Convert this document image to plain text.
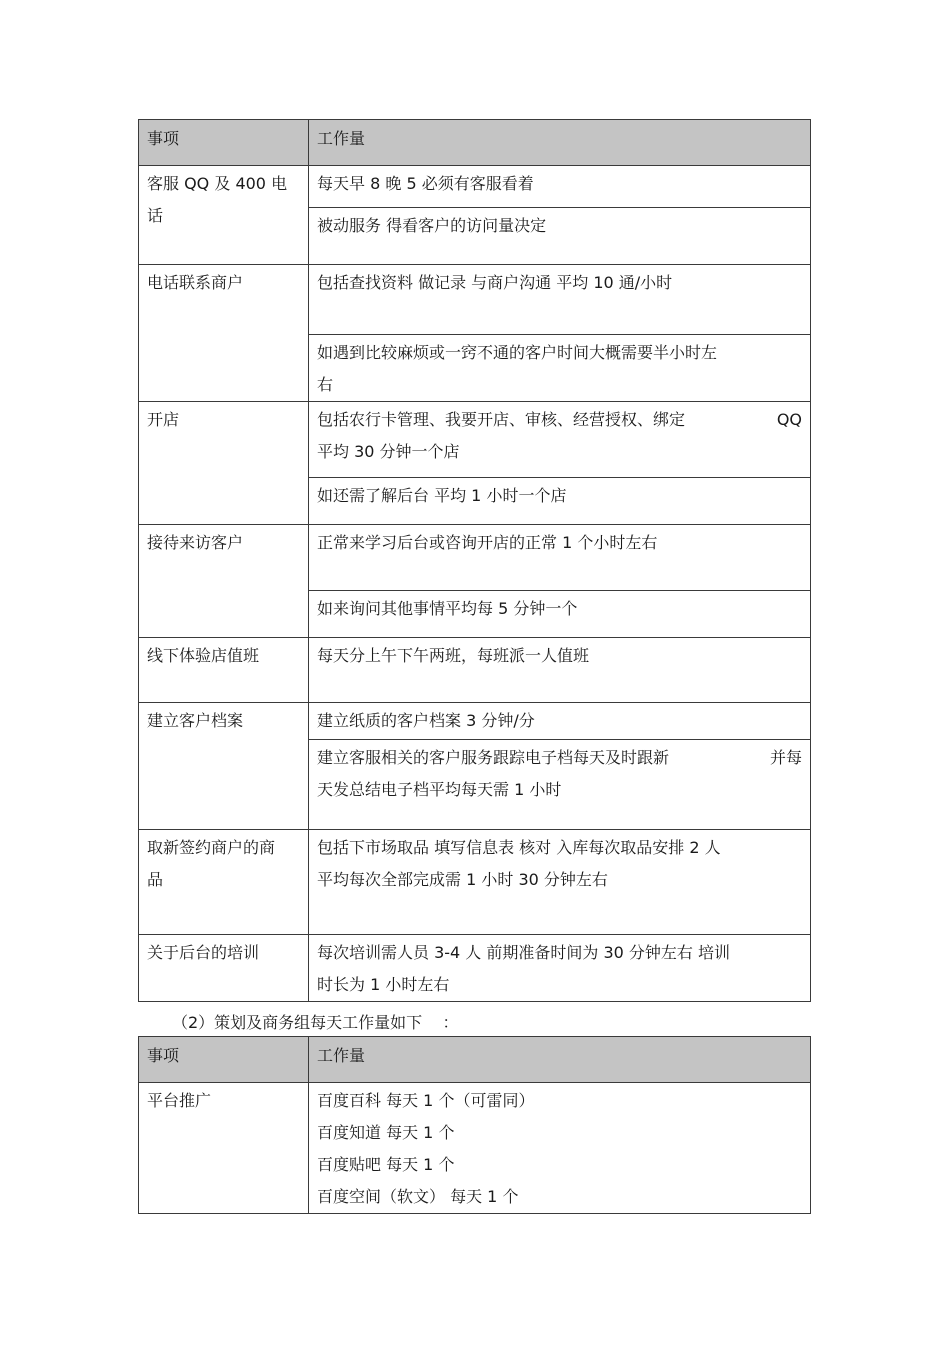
事项	工作量

客服 QQ 及 400 电
话	每天早 8 晚 5 必须有客服看着

	被动服务 得看客户的访问量决定

电话联系商户	包括查找资料 做记录 与商户沟通 平均 10 通/小时

	如遇到比较麻烦或一窍不通的客户时间大概需要半小时左
右

开店	包括农行卡管理、我要开店、审核、经营授权、绑定 QQ
平均 30 分钟一个店

	如还需了解后台 平均 1 小时一个店

接待来访客户	正常来学习后台或咨询开店的正常 1 个小时左右

	如来询问其他事情平均每 5 分钟一个

线下体验店值班	每天分上午下午两班，每班派一人值班

建立客户档案	建立纸质的客户档案 3 分钟/分

	建立客服相关的客户服务跟踪电子档每天及时跟新 并每
天发总结电子档平均每天需 1 小时

取新签约商户的商
品	包括下市场取品 填写信息表 核对 入库每次取品安排 2 人
平均每次全部完成需 1 小时 30 分钟左右

关于后台的培训	每次培训需人员 3-4 人 前期准备时间为 30 分钟左右 培训
时长为 1 小时左右
（2）策划及商务组每天工作量如下    ：
事项	工作量

平台推广	百度百科 每天 1 个（可雷同）
百度知道 每天 1 个
百度贴吧 每天 1 个
百度空间（软文） 每天 1 个
